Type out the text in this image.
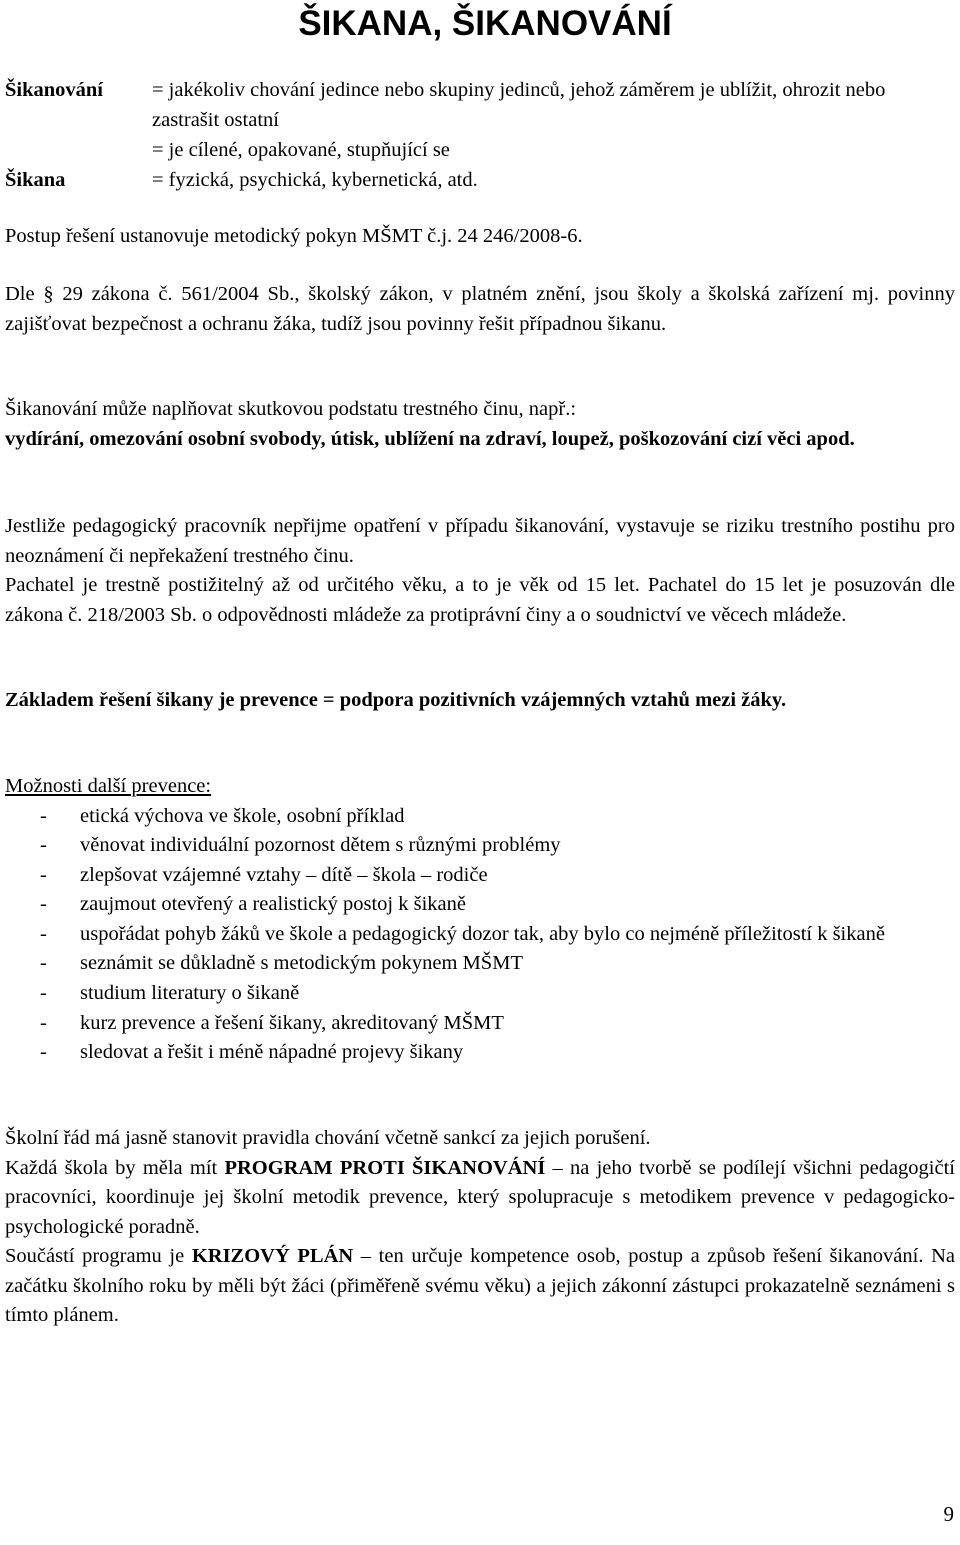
ŠIKANA, ŠIKANOVÁNÍ
Šikanování	= jakékoliv chování jedince nebo skupiny jedinců, jehož záměrem je ublížit, ohrozit nebo zastrašit ostatní
= je cílené, opakované, stupňující se
Šikana	= fyzická, psychická, kybernetická, atd.

Postup řešení ustanovuje metodický pokyn MŠMT č.j. 24 246/2008-6.

Dle § 29 zákona č. 561/2004 Sb., školský zákon, v platném znění, jsou školy a školská zařízení mj. povinny zajišťovat bezpečnost a ochranu žáka, tudíž jsou povinny řešit případnou šikanu.

Šikanování může naplňovat skutkovou podstatu trestného činu, např.:

vydírání, omezování osobní svobody, útisk, ublížení na zdraví, loupež, poškozování cizí věci apod.

Jestliže pedagogický pracovník nepřijme opatření v případu šikanování, vystavuje se riziku trestního postihu pro neoznámení či nepřekažení trestného činu.

Pachatel je trestně postižitelný až od určitého věku, a to je věk od 15 let. Pachatel do 15 let je posuzován dle zákona č. 218/2003 Sb. o odpovědnosti mládeže za protiprávní činy a o soudnictví ve věcech mládeže.

Základem řešení šikany je prevence = podpora pozitivních vzájemných vztahů mezi žáky.

Možnosti další prevence:

- etická výchova ve škole, osobní příklad
- věnovat individuální pozornost dětem s různými problémy
- zlepšovat vzájemné vztahy – dítě – škola – rodiče
- zaujmout otevřený a realistický postoj k šikaně
- uspořádat pohyb žáků ve škole a pedagogický dozor tak, aby bylo co nejméně příležitostí k šikaně
- seznámit se důkladně s metodickým pokynem MŠMT
- studium literatury o šikaně
- kurz prevence a řešení šikany, akreditovaný MŠMT
- sledovat a řešit i méně nápadné projevy šikany

Školní řád má jasně stanovit pravidla chování včetně sankcí za jejich porušení.

Každá škola by měla mít PROGRAM PROTI ŠIKANOVÁNÍ – na jeho tvorbě se podílejí všichni pedagogičtí pracovníci, koordinuje jej školní metodik prevence, který spolupracuje s metodikem prevence v pedagogicko-psychologické poradně.

Součástí programu je KRIZOVÝ PLÁN – ten určuje kompetence osob, postup a způsob řešení šikanování. Na začátku školního roku by měli být žáci (přiměřeně svému věku) a jejich zákonní zástupci prokazatelně seznámeni s tímto plánem.

9
